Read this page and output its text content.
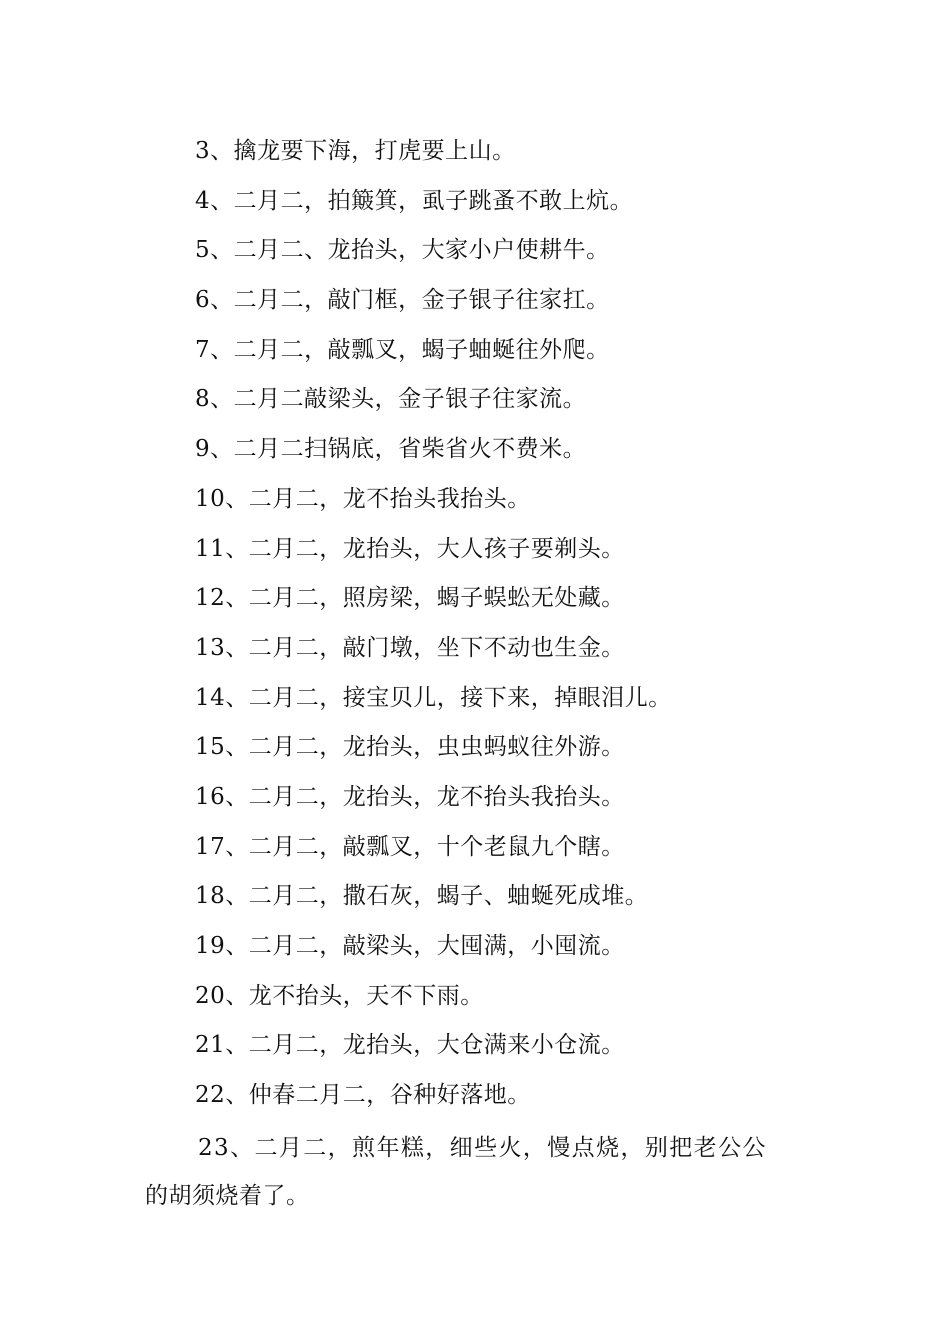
3、擒龙要下海，打虎要上山。
4、二月二，拍簸箕，虱子跳蚤不敢上炕。
5、二月二、龙抬头，大家小户使耕牛。
6、二月二，敲门框，金子银子往家扛。
7、二月二，敲瓢叉，蝎子蚰蜒往外爬。
8、二月二敲梁头，金子银子往家流。
9、二月二扫锅底，省柴省火不费米。
10、二月二，龙不抬头我抬头。
11、二月二，龙抬头，大人孩子要剃头。
12、二月二，照房梁，蝎子蜈蚣无处藏。
13、二月二，敲门墩，坐下不动也生金。
14、二月二，接宝贝儿，接下来，掉眼泪儿。
15、二月二，龙抬头，虫虫蚂蚁往外游。
16、二月二，龙抬头，龙不抬头我抬头。
17、二月二，敲瓢叉，十个老鼠九个瞎。
18、二月二，撒石灰，蝎子、蚰蜒死成堆。
19、二月二，敲梁头，大囤满，小囤流。
20、龙不抬头，天不下雨。
21、二月二，龙抬头，大仓满来小仓流。
22、仲春二月二，谷种好落地。
23、二月二，煎年糕，细些火，慢点烧，别把老公公
的胡须烧着了。
